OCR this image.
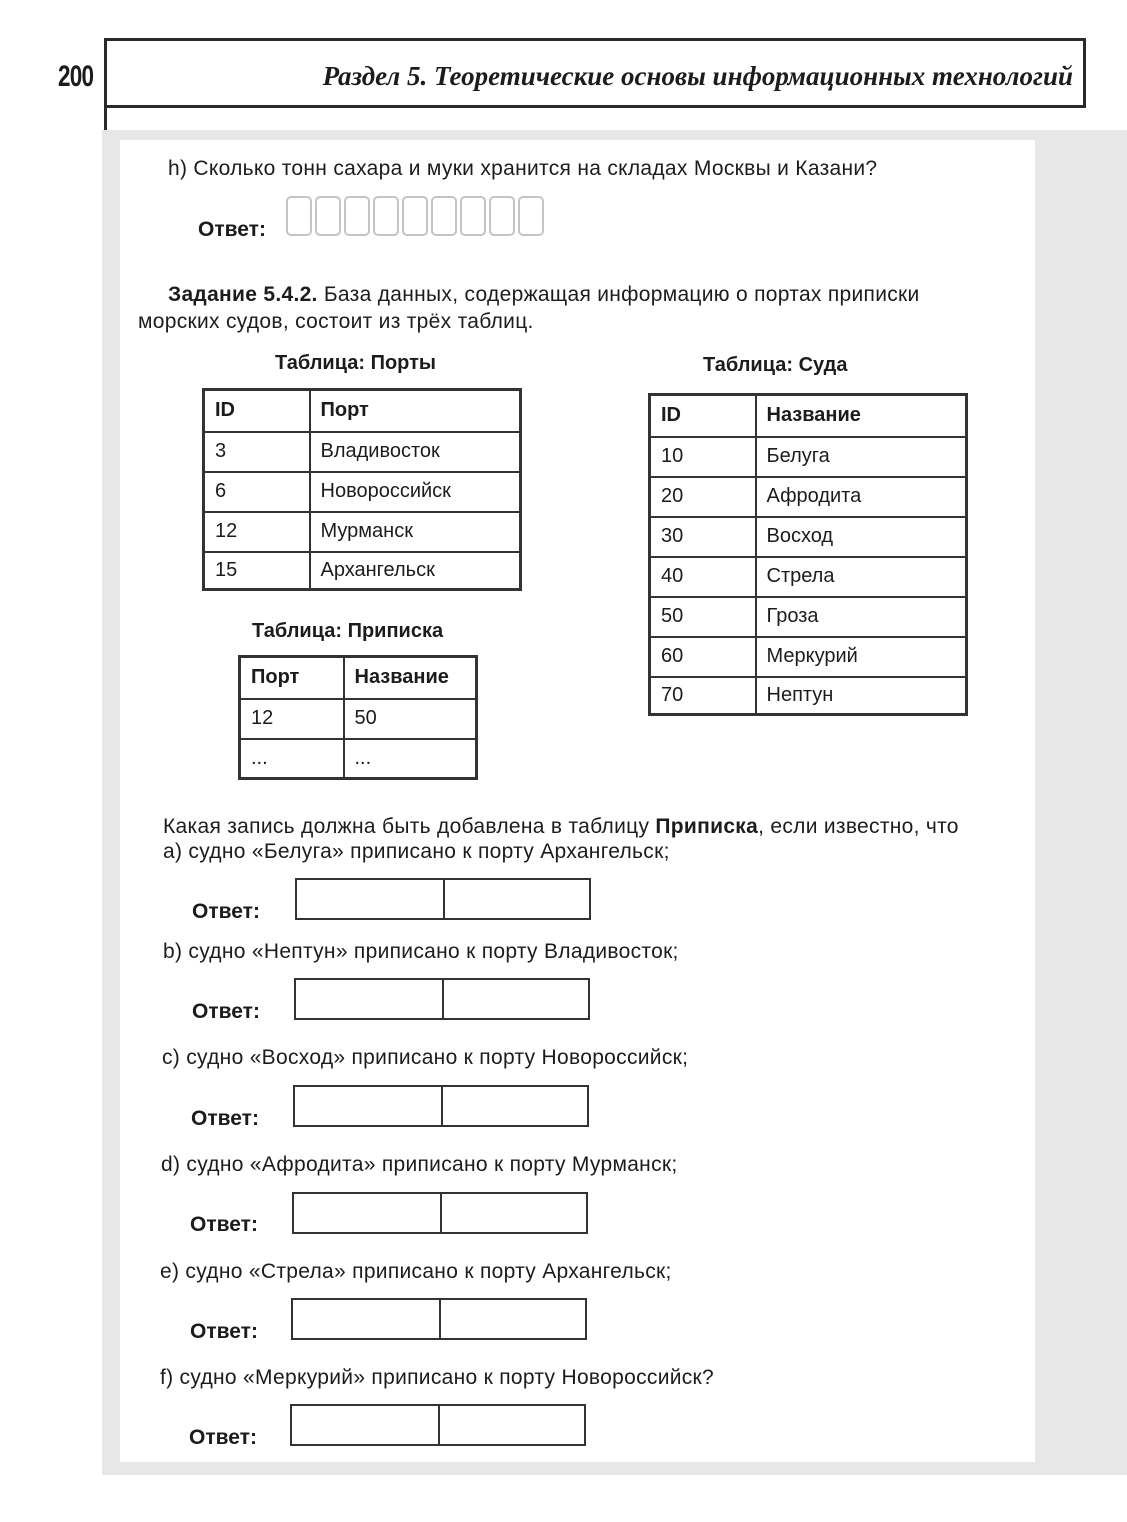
200	Раздел 5. Теоретические основы информационных технологий
h) Сколько тонн сахара и муки хранится на складах Москвы и Казани?
Ответ:
Задание 5.4.2. База данных, содержащая информацию о портах приписки
морских судов, состоит из трёх таблиц.
Таблица: Порты
ID	Порт
3	Владивосток
6	Новороссийск
12	Мурманск
15	Архангельск
Таблица: Суда
ID	Название
10	Белуга
20	Афродита
30	Восход
40	Стрела
50	Гроза
60	Меркурий
70	Нептун
Таблица: Приписка
Порт	Название
12	50
...	...
Какая запись должна быть добавлена в таблицу Приписка, если известно, что
a) судно «Белуга» приписано к порту Архангельск;
Ответ:
b) судно «Нептун» приписано к порту Владивосток;
Ответ:
c) судно «Восход» приписано к порту Новороссийск;
Ответ:
d) судно «Афродита» приписано к порту Мурманск;
Ответ:
e) судно «Стрела» приписано к порту Архангельск;
Ответ:
f) судно «Меркурий» приписано к порту Новороссийск?
Ответ:
